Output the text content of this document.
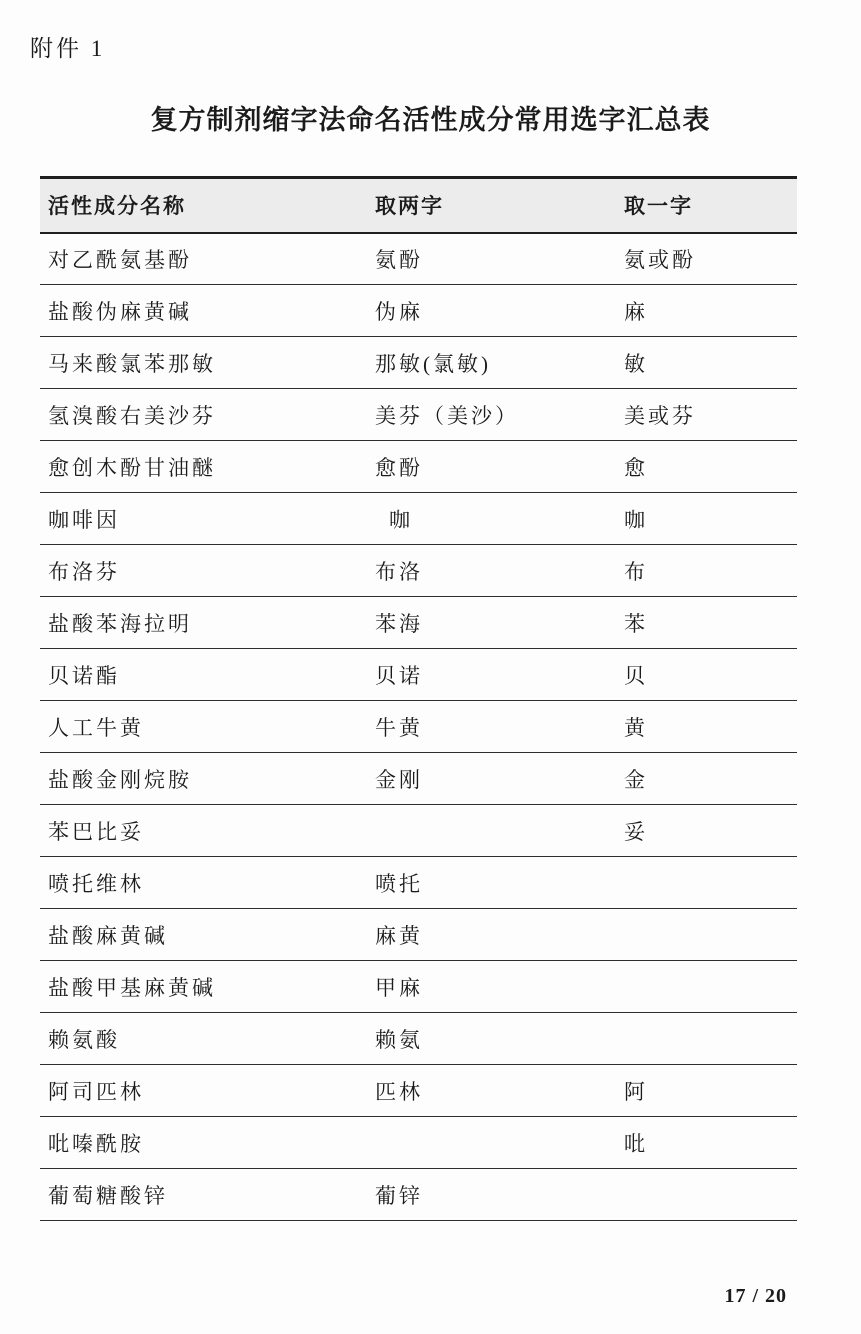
附件 1
复方制剂缩字法命名活性成分常用选字汇总表
活性成分名称	取两字	取一字
对乙酰氨基酚	氨酚	氨或酚
盐酸伪麻黄碱	伪麻	麻
马来酸氯苯那敏	那敏(氯敏)	敏
氢溴酸右美沙芬	美芬（美沙）	美或芬
愈创木酚甘油醚	愈酚	愈
咖啡因	咖	咖
布洛芬	布洛	布
盐酸苯海拉明	苯海	苯
贝诺酯	贝诺	贝
人工牛黄	牛黄	黄
盐酸金刚烷胺	金刚	金
苯巴比妥		妥
喷托维林	喷托	
盐酸麻黄碱	麻黄	
盐酸甲基麻黄碱	甲麻	
赖氨酸	赖氨	
阿司匹林	匹林	阿
吡嗪酰胺		吡
葡萄糖酸锌	葡锌	
17 / 20
